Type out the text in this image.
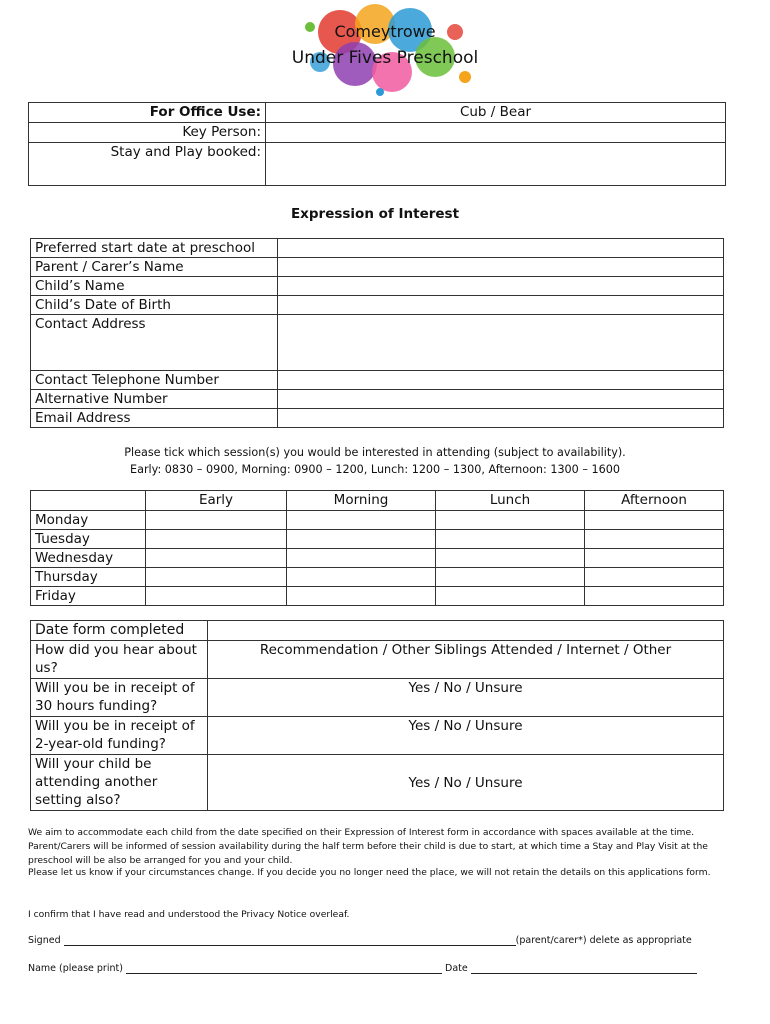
Comeytrowe
Under Fives Preschool
For Office Use:	Cub / Bear
Key Person:	
Stay and Play booked:	
Expression of Interest
Preferred start date at preschool	
Parent / Carer’s Name	
Child’s Name	
Child’s Date of Birth	
Contact Address	
Contact Telephone Number	
Alternative Number	
Email Address	
Please tick which session(s) you would be interested in attending (subject to availability).
Early: 0830 – 0900, Morning: 0900 – 1200, Lunch: 1200 – 1300, Afternoon: 1300 – 1600
	Early	Morning	Lunch	Afternoon
Monday				
Tuesday				
Wednesday				
Thursday				
Friday				
Date form completed	
How did you hear about us?	Recommendation / Other Siblings Attended / Internet / Other
Will you be in receipt of 30 hours funding?	Yes / No / Unsure
Will you be in receipt of 2-year-old funding?	Yes / No / Unsure
Will your child be attending another setting also?	Yes / No / Unsure
We aim to accommodate each child from the date specified on their Expression of Interest form in accordance with spaces available at the time. Parent/Carers will be informed of session availability during the half term before their child is due to start, at which time a Stay and Play Visit at the preschool will be also be arranged for you and your child.
Please let us know if your circumstances change. If you decide you no longer need the place, we will not retain the details on this applications form.
I confirm that I have read and understood the Privacy Notice overleaf.
Signed	(parent/carer*) delete as appropriate
Name (please print)	Date
